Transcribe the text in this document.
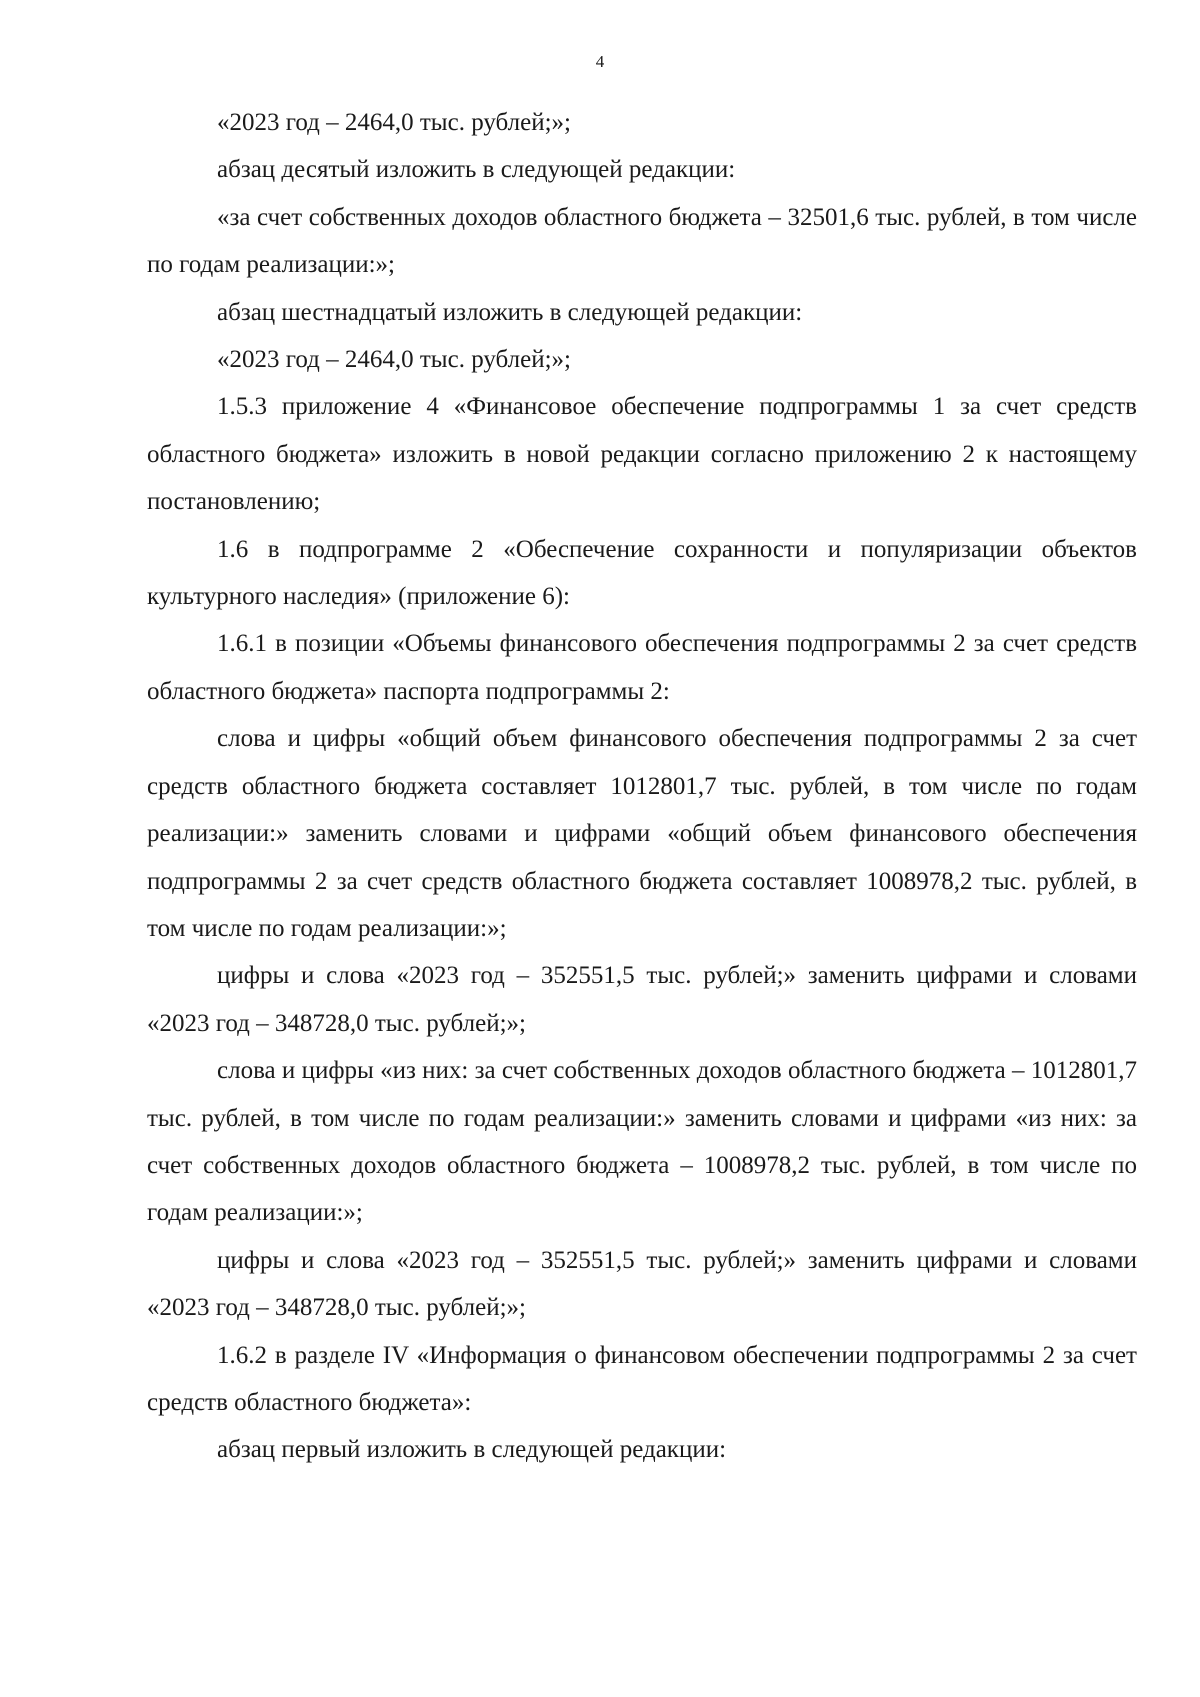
4

«2023 год – 2464,0 тыс. рублей;»;

абзац десятый изложить в следующей редакции:

«за счет собственных доходов областного бюджета – 32501,6 тыс. рублей, в том числе по годам реализации:»;

абзац шестнадцатый изложить в следующей редакции:

«2023 год – 2464,0 тыс. рублей;»;

1.5.3 приложение 4 «Финансовое обеспечение подпрограммы 1 за счет средств областного бюджета» изложить в новой редакции согласно приложению 2 к настоящему постановлению;

1.6 в подпрограмме 2 «Обеспечение сохранности и популяризации объектов культурного наследия» (приложение 6):

1.6.1 в позиции «Объемы финансового обеспечения подпрограммы 2 за счет средств областного бюджета» паспорта подпрограммы 2:

слова и цифры «общий объем финансового обеспечения подпрограммы 2 за счет средств областного бюджета составляет 1012801,7 тыс. рублей, в том числе по годам реализации:» заменить словами и цифрами «общий объем финансового обеспечения подпрограммы 2 за счет средств областного бюджета составляет 1008978,2 тыс. рублей, в том числе по годам реализации:»;

цифры и слова «2023 год – 352551,5 тыс. рублей;» заменить цифрами и словами «2023 год – 348728,0 тыс. рублей;»;

слова и цифры «из них: за счет собственных доходов областного бюджета – 1012801,7 тыс. рублей, в том числе по годам реализации:» заменить словами и цифрами «из них: за счет собственных доходов областного бюджета – 1008978,2 тыс. рублей, в том числе по годам реализации:»;

цифры и слова «2023 год – 352551,5 тыс. рублей;» заменить цифрами и словами «2023 год – 348728,0 тыс. рублей;»;

1.6.2 в разделе IV «Информация о финансовом обеспечении подпрограммы 2 за счет средств областного бюджета»:

абзац первый изложить в следующей редакции:
